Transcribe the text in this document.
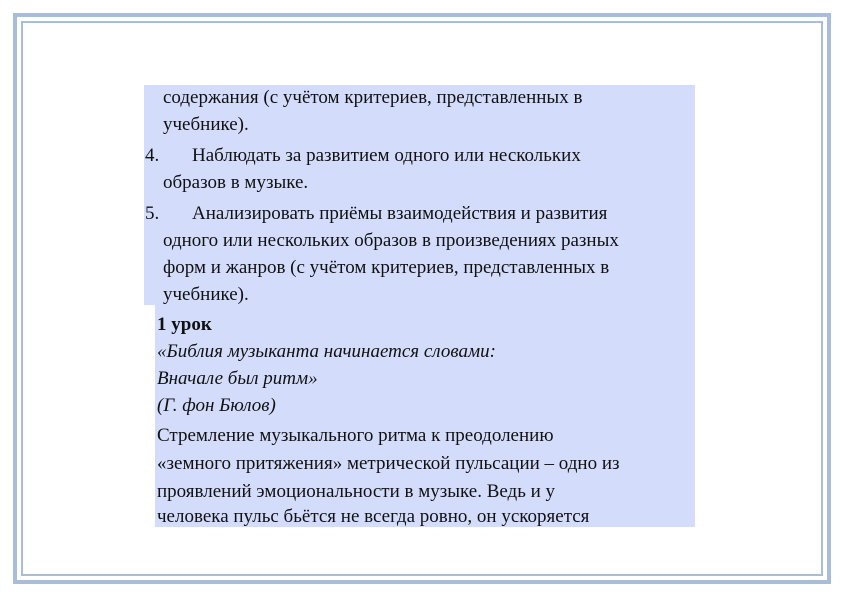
содержания (с учётом критериев, представленных в
учебнике).
4. Наблюдать за развитием одного или нескольких
образов в музыке.
5. Анализировать приёмы взаимодействия и развития
одного или нескольких образов в произведениях разных
форм и жанров (с учётом критериев, представленных в
учебнике).
1 урок
«Библия музыканта начинается словами:
Вначале был ритм»
(Г. фон Бюлов)
Стремление музыкального ритма к преодолению
«земного притяжения» метрической пульсации – одно из
проявлений эмоциональности в музыке. Ведь и у
человека пульс бьётся не всегда ровно, он ускоряется
